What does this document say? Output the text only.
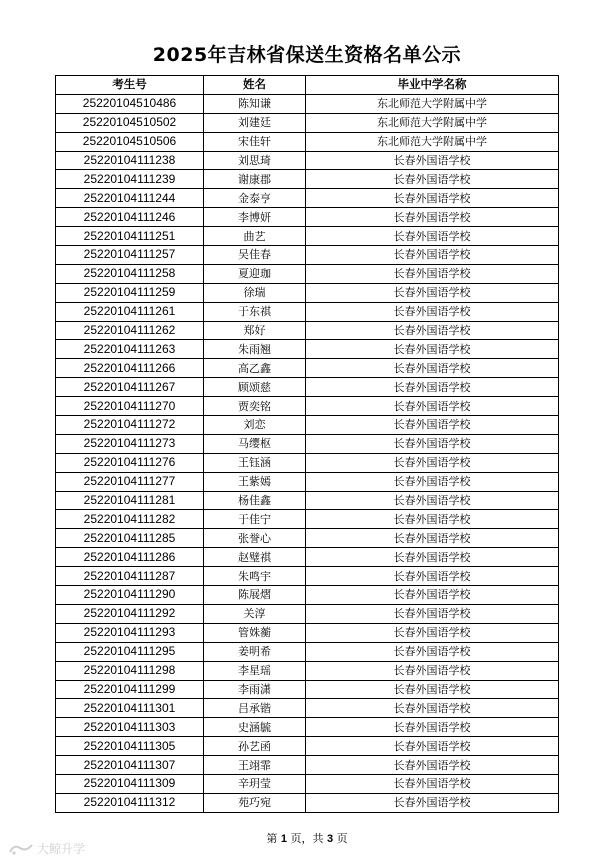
2025年吉林省保送生资格名单公示
考生号	姓名	毕业中学名称
25220104510486	陈知谦	东北师范大学附属中学
25220104510502	刘建廷	东北师范大学附属中学
25220104510506	宋佳轩	东北师范大学附属中学
25220104111238	刘思琦	长春外国语学校
25220104111239	谢康郡	长春外国语学校
25220104111244	金泰亨	长春外国语学校
25220104111246	李博妍	长春外国语学校
25220104111251	曲艺	长春外国语学校
25220104111257	吴佳春	长春外国语学校
25220104111258	夏迎珈	长春外国语学校
25220104111259	徐瑞	长春外国语学校
25220104111261	于东祺	长春外国语学校
25220104111262	郑好	长春外国语学校
25220104111263	朱雨翘	长春外国语学校
25220104111266	高乙鑫	长春外国语学校
25220104111267	顾颂慈	长春外国语学校
25220104111270	贾奕铭	长春外国语学校
25220104111272	刘恋	长春外国语学校
25220104111273	马缨枢	长春外国语学校
25220104111276	王钰涵	长春外国语学校
25220104111277	王紫嫣	长春外国语学校
25220104111281	杨佳鑫	长春外国语学校
25220104111282	于佳宁	长春外国语学校
25220104111285	张誉心	长春外国语学校
25220104111286	赵璧祺	长春外国语学校
25220104111287	朱鸣宇	长春外国语学校
25220104111290	陈展熠	长春外国语学校
25220104111292	关淳	长春外国语学校
25220104111293	管姝蘅	长春外国语学校
25220104111295	姜明希	长春外国语学校
25220104111298	李星瑶	长春外国语学校
25220104111299	李雨潇	长春外国语学校
25220104111301	吕承锴	长春外国语学校
25220104111303	史涵毓	长春外国语学校
25220104111305	孙艺函	长春外国语学校
25220104111307	王翊霏	长春外国语学校
25220104111309	辛玥莹	长春外国语学校
25220104111312	苑巧宛	长春外国语学校
第 1 页，共 3 页
大鲸升学
